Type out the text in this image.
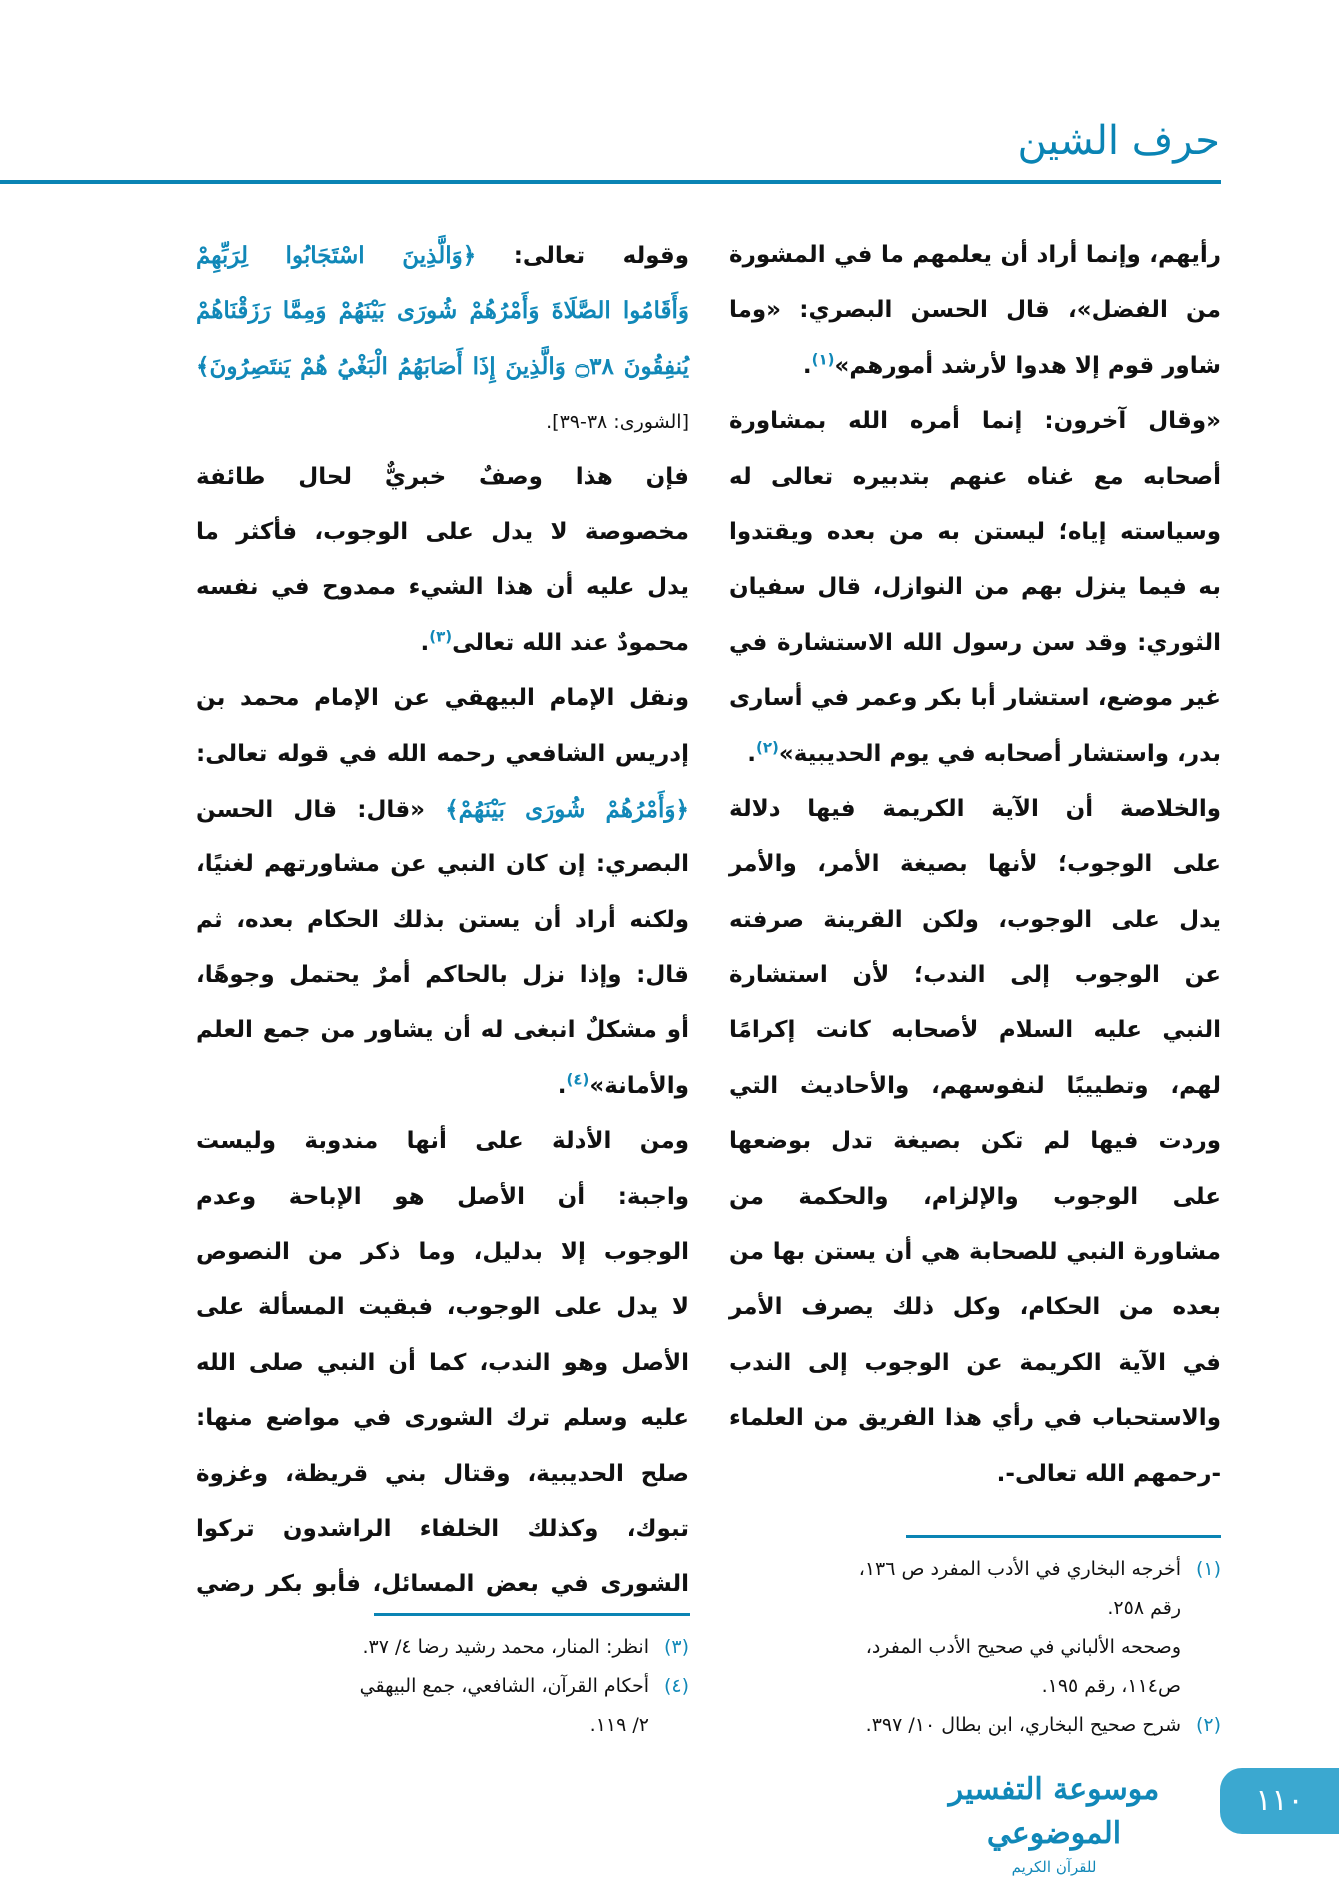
حرف الشين
رأيهم، وإنما أراد أن يعلمهم ما في المشورة
من الفضل»، قال الحسن البصري: «وما
شاور قوم إلا هدوا لأرشد أمورهم»$^{(١)}$.
«وقال آخرون: إنما أمره الله بمشاورة
أصحابه مع غناه عنهم بتدبيره تعالى له
وسياسته إياه؛ ليستن به من بعده ويقتدوا
به فيما ينزل بهم من النوازل، قال سفيان
الثوري: وقد سن رسول الله الاستشارة في
غير موضع، استشار أبا بكر وعمر في أسارى
بدر، واستشار أصحابه في يوم الحديبية»$^{(٢)}$.
والخلاصة أن الآية الكريمة فيها دلالة
على الوجوب؛ لأنها بصيغة الأمر، والأمر
يدل على الوجوب، ولكن القرينة صرفته
عن الوجوب إلى الندب؛ لأن استشارة
النبي عليه السلام لأصحابه كانت إكرامًا
لهم، وتطييبًا لنفوسهم، والأحاديث التي
وردت فيها لم تكن بصيغة تدل بوضعها
على الوجوب والإلزام، والحكمة من
مشاورة النبي للصحابة هي أن يستن بها من
بعده من الحكام، وكل ذلك يصرف الأمر
في الآية الكريمة عن الوجوب إلى الندب
والاستحباب في رأي هذا الفريق من العلماء
-رحمهم الله تعالى-.
وقوله تعالى: ﴿وَالَّذِينَ اسْتَجَابُوا لِرَبِّهِمْ
وَأَقَامُوا الصَّلَاةَ وَأَمْرُهُمْ شُورَى بَيْنَهُمْ وَمِمَّا رَزَقْنَاهُمْ
يُنفِقُونَ ۝٣٨ وَالَّذِينَ إِذَا أَصَابَهُمُ الْبَغْيُ هُمْ يَنتَصِرُونَ﴾
[الشورى: ٣٨-٣٩].
فإن هذا وصفٌ خبريٌّ لحال طائفة
مخصوصة لا يدل على الوجوب، فأكثر ما
يدل عليه أن هذا الشيء ممدوح في نفسه
محمودٌ عند الله تعالى$^{(٣)}$.
ونقل الإمام البيهقي عن الإمام محمد بن
إدريس الشافعي رحمه الله في قوله تعالى:
﴿وَأَمْرُهُمْ شُورَى بَيْنَهُمْ﴾ «قال: قال الحسن
البصري: إن كان النبي عن مشاورتهم لغنيًا،
ولكنه أراد أن يستن بذلك الحكام بعده، ثم
قال: وإذا نزل بالحاكم أمرٌ يحتمل وجوهًا،
أو مشكلٌ انبغى له أن يشاور من جمع العلم
والأمانة»$^{(٤)}$.
ومن الأدلة على أنها مندوبة وليست
واجبة: أن الأصل هو الإباحة وعدم
الوجوب إلا بدليل، وما ذكر من النصوص
لا يدل على الوجوب، فبقيت المسألة على
الأصل وهو الندب، كما أن النبي صلى الله
عليه وسلم ترك الشورى في مواضع منها:
صلح الحديبية، وقتال بني قريظة، وغزوة
تبوك، وكذلك الخلفاء الراشدون تركوا
الشورى في بعض المسائل، فأبو بكر رضي
(١)
أخرجه البخاري في الأدب المفرد ص ١٣٦،
رقم ٢٥٨.
وصححه الألباني في صحيح الأدب المفرد،
ص١١٤، رقم ١٩٥.
(٢)
شرح صحيح البخاري، ابن بطال ١٠/ ٣٩٧.
(٣)
انظر: المنار، محمد رشيد رضا ٤/ ٣٧.
(٤)
أحكام القرآن، الشافعي، جمع البيهقي
٢/ ١١٩.
موسوعة التفسير الموضوعي
للقرآن الكريم
١١٠
